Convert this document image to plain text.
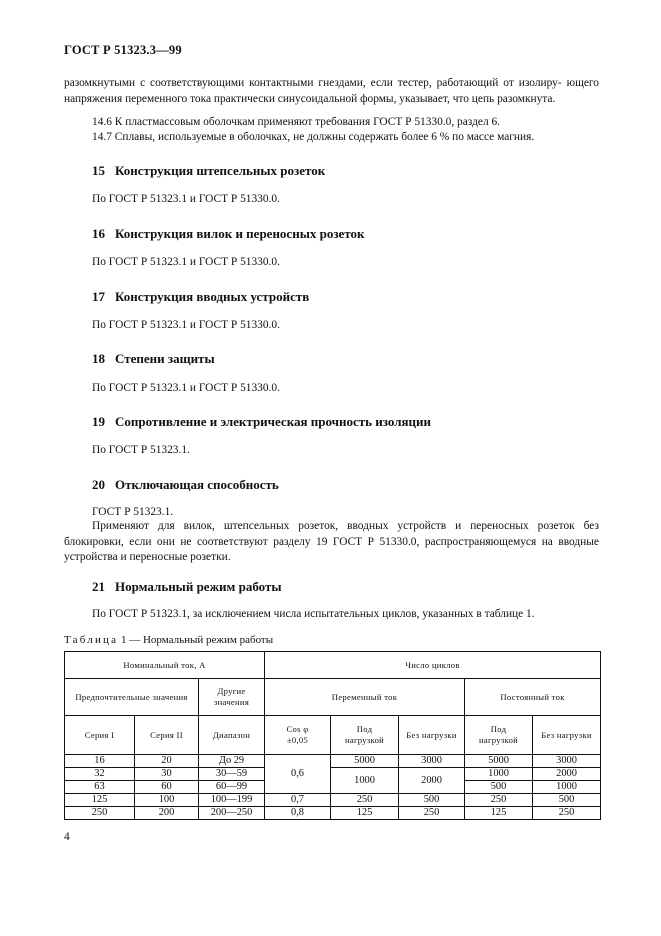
ГОСТ Р 51323.3—99
разомкнутыми с соответствующими контактными гнездами, если тестер, работающий от изолиру- ющего напряжения переменного тока практически синусоидальной формы, указывает, что цепь разомкнута.
14.6 К пластмассовым оболочкам применяют требования ГОСТ Р 51330.0, раздел 6.
14.7 Сплавы, используемые в оболочках, не должны содержать более 6 % по массе магния.
15 Конструкция штепсельных розеток
По ГОСТ Р 51323.1 и ГОСТ Р 51330.0.
16 Конструкция вилок и переносных розеток
По ГОСТ Р 51323.1 и ГОСТ Р 51330.0.
17 Конструкция вводных устройств
По ГОСТ Р 51323.1 и ГОСТ Р 51330.0.
18 Степени защиты
По ГОСТ Р 51323.1 и ГОСТ Р 51330.0.
19 Сопротивление и электрическая прочность изоляции
По ГОСТ Р 51323.1.
20 Отключающая способность
ГОСТ Р 51323.1.
Применяют для вилок, штепсельных розеток, вводных устройств и переносных розеток без блокировки, если они не соответствуют разделу 19 ГОСТ Р 51330.0, распространяющемуся на вводные устройства и переносные розетки.
21 Нормальный режим работы
По ГОСТ Р 51323.1, за исключением числа испытательных циклов, указанных в таблице 1.
Таблица 1 — Нормальный режим работы
Номинальный ток, А			Число циклов				
Предпочтительные значения		Другие значения	Переменный ток			Постоянный ток	
Серия I	Серия II	Диапазон	Cos φ ±0,05	Под нагрузкой	Без нагрузки	Под нагрузкой	Без нагрузки
16	20	До 29	0,6	5000	3000	5000	3000
32	30	30—59		1000	2000	1000	2000
63	60	60—99				500	1000
125	100	100—199	0,7	250	500	250	500
250	200	200—250	0,8	125	250	125	250
4
